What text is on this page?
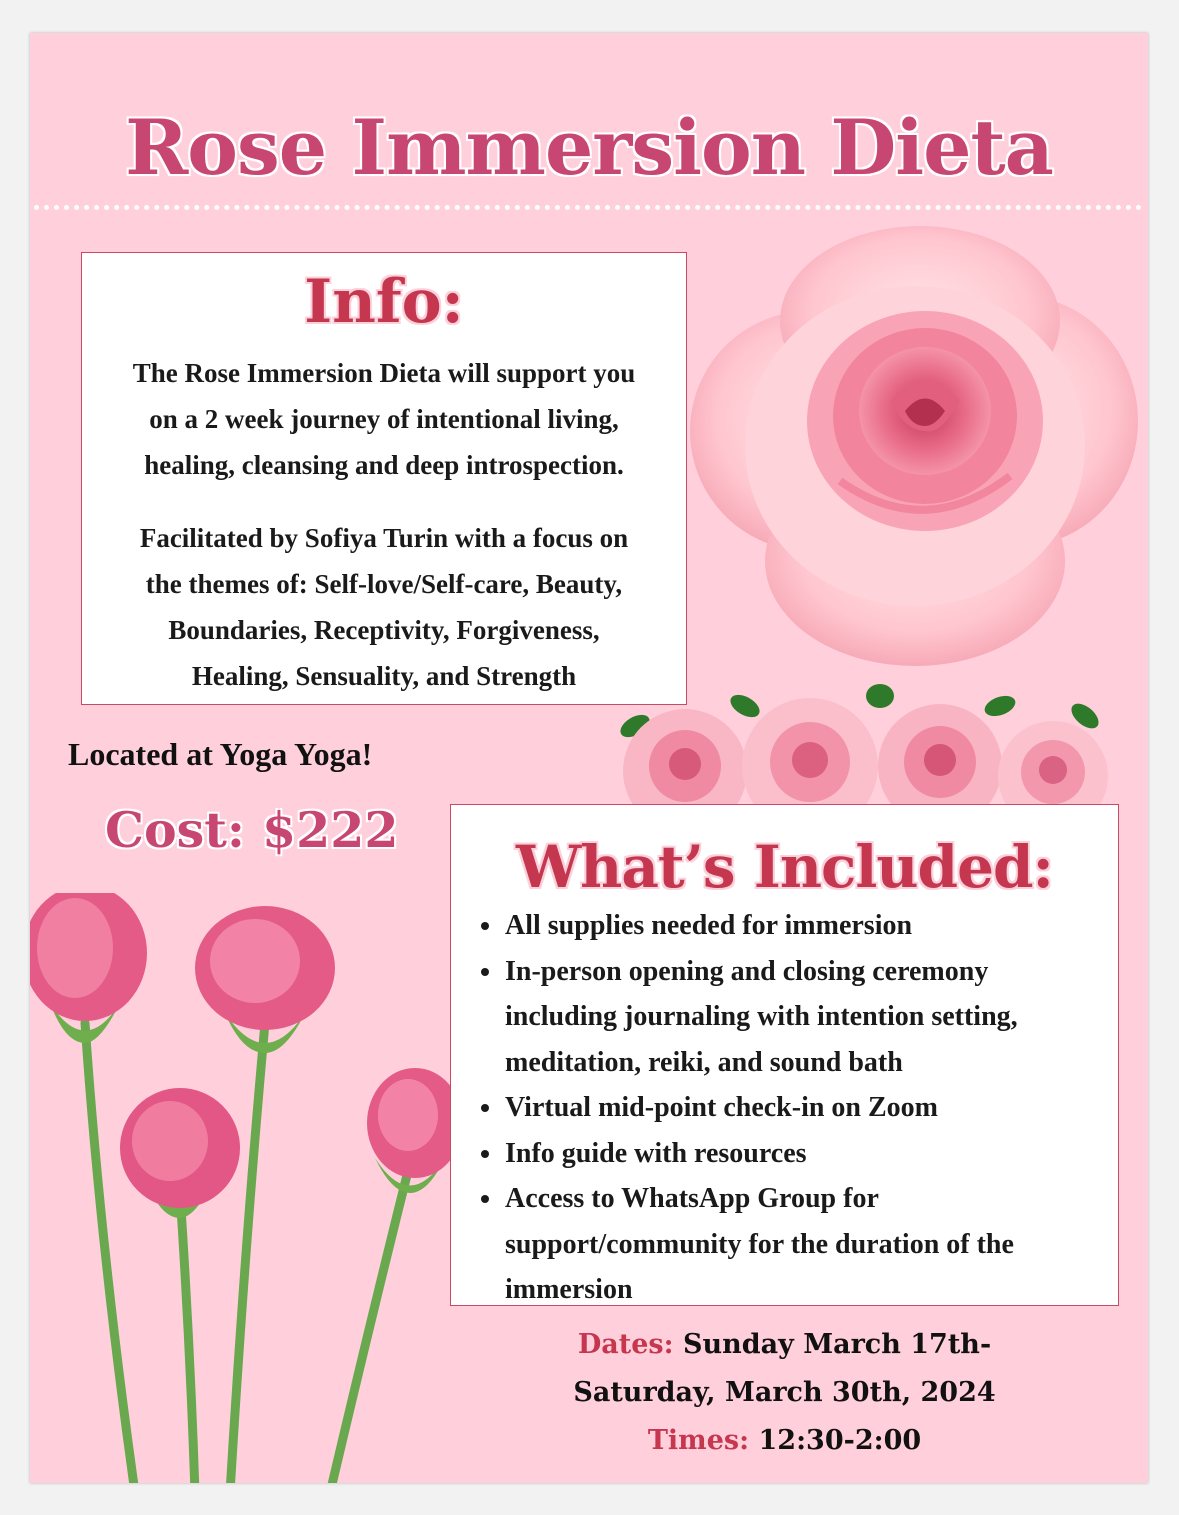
Rose Immersion Dieta
Info:
The Rose Immersion Dieta will support you
on a 2 week journey of intentional living,
healing, cleansing and deep introspection.
Facilitated by Sofiya Turin with a focus on
the themes of: Self-love/Self-care, Beauty,
Boundaries, Receptivity, Forgiveness,
Healing, Sensuality, and Strength
Located at Yoga Yoga!
Cost: $222
What’s Included:
All supplies needed for immersion
In-person opening and closing ceremony including journaling with intention setting, meditation, reiki, and sound bath
Virtual mid-point check-in on Zoom
Info guide with resources
Access to WhatsApp Group for support/community for the duration of the immersion
Dates: Sunday March 17th-
Saturday, March 30th, 2024
Times: 12:30-2:00
